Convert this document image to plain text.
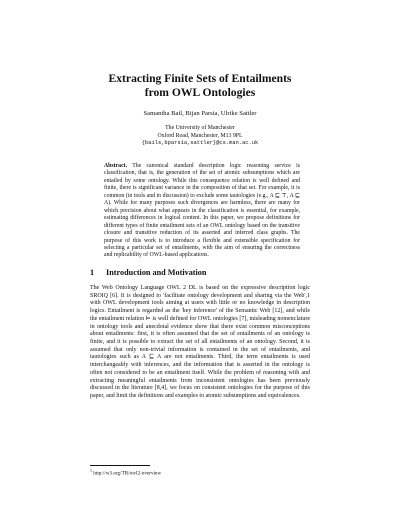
Extracting Finite Sets of Entailments
from OWL Ontologies
Samantha Bail, Bijan Parsia, Ulrike Sattler
The University of Manchester
Oxford Road, Manchester, M13 9PL
{bails,bparsia,sattler}@cs.man.ac.uk
Abstract. The canonical standard description logic reasoning service is classification, that is, the generation of the set of atomic subsumptions which are entailed by some ontology. While this consequence relation is well defined and finite, there is significant variance in the composition of that set. For example, it is common (in tools and in discussion) to exclude some tautologies (e.g., A ⊑ ⊤, A ⊑ A). While for many purposes such divergences are harmless, there are many for which precision about what appears in the classification is essential, for example, estimating differences in logical content. In this paper, we propose definitions for different types of finite entailment sets of an OWL ontology based on the transitive closure and transitive reduction of its asserted and inferred class graphs. The purpose of this work is to introduce a flexible and extensible specification for selecting a particular set of entailments, with the aim of ensuring the correctness and replicability of OWL-based applications.
1 Introduction and Motivation
The Web Ontology Language OWL 2 DL is based on the expressive description logic SROIQ [6]. It is designed to 'facilitate ontology development and sharing via the Web',1 with OWL development tools aiming at users with little or no knowledge in description logics. Entailment is regarded as the 'key inference' of the Semantic Web [12], and while the entailment relation ⊨ is well defined for OWL ontologies [7], misleading nomenclature in ontology tools and anecdotal evidence show that there exist common misconceptions about entailments: first, it is often assumed that the set of entailments of an ontology is finite, and it is possible to extract the set of all entailments of an ontology. Second, it is assumed that only non-trivial information is contained in the set of entailments, and tautologies such as A ⊑ A are not entailments. Third, the term entailments is used interchangeably with inferences, and the information that is asserted in the ontology is often not considered to be an entailment itself. While the problem of reasoning with and extracting meaningful entailments from inconsistent ontologies has been previously discussed in the literature [8,4], we focus on consistent ontologies for the purpose of this paper, and limit the definitions and examples to atomic subsumptions and equivalences.
$^1$ http://w3.org/TR/owl2-overview
